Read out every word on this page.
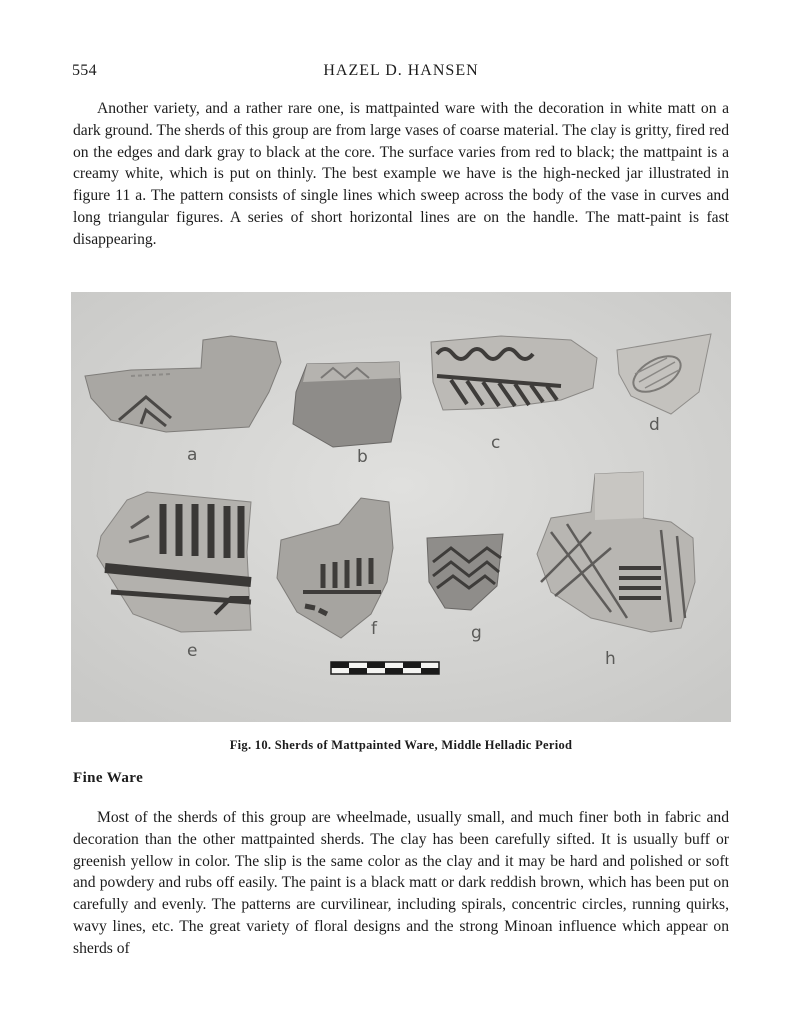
554	HAZEL D. HANSEN

Another variety, and a rather rare one, is mattpainted ware with the decoration in white matt on a dark ground. The sherds of this group are from large vases of coarse material. The clay is gritty, fired red on the edges and dark gray to black at the core. The surface varies from red to black; the mattpaint is a creamy white, which is put on thinly. The best example we have is the high-necked jar illustrated in figure 11 a. The pattern consists of single lines which sweep across the body of the vase in curves and long triangular figures. A series of short horizontal lines are on the handle. The matt-paint is fast disappearing.

a	b
c
d
e
f	g
h
Fig. 10. Sherds of Mattpainted Ware, Middle Helladic Period
Fine Ware

Most of the sherds of this group are wheelmade, usually small, and much finer both in fabric and decoration than the other mattpainted sherds. The clay has been carefully sifted. It is usually buff or greenish yellow in color. The slip is the same color as the clay and it may be hard and polished or soft and powdery and rubs off easily. The paint is a black matt or dark reddish brown, which has been put on carefully and evenly. The patterns are curvilinear, including spirals, concentric circles, running quirks, wavy lines, etc. The great variety of floral designs and the strong Minoan influence which appear on sherds of
